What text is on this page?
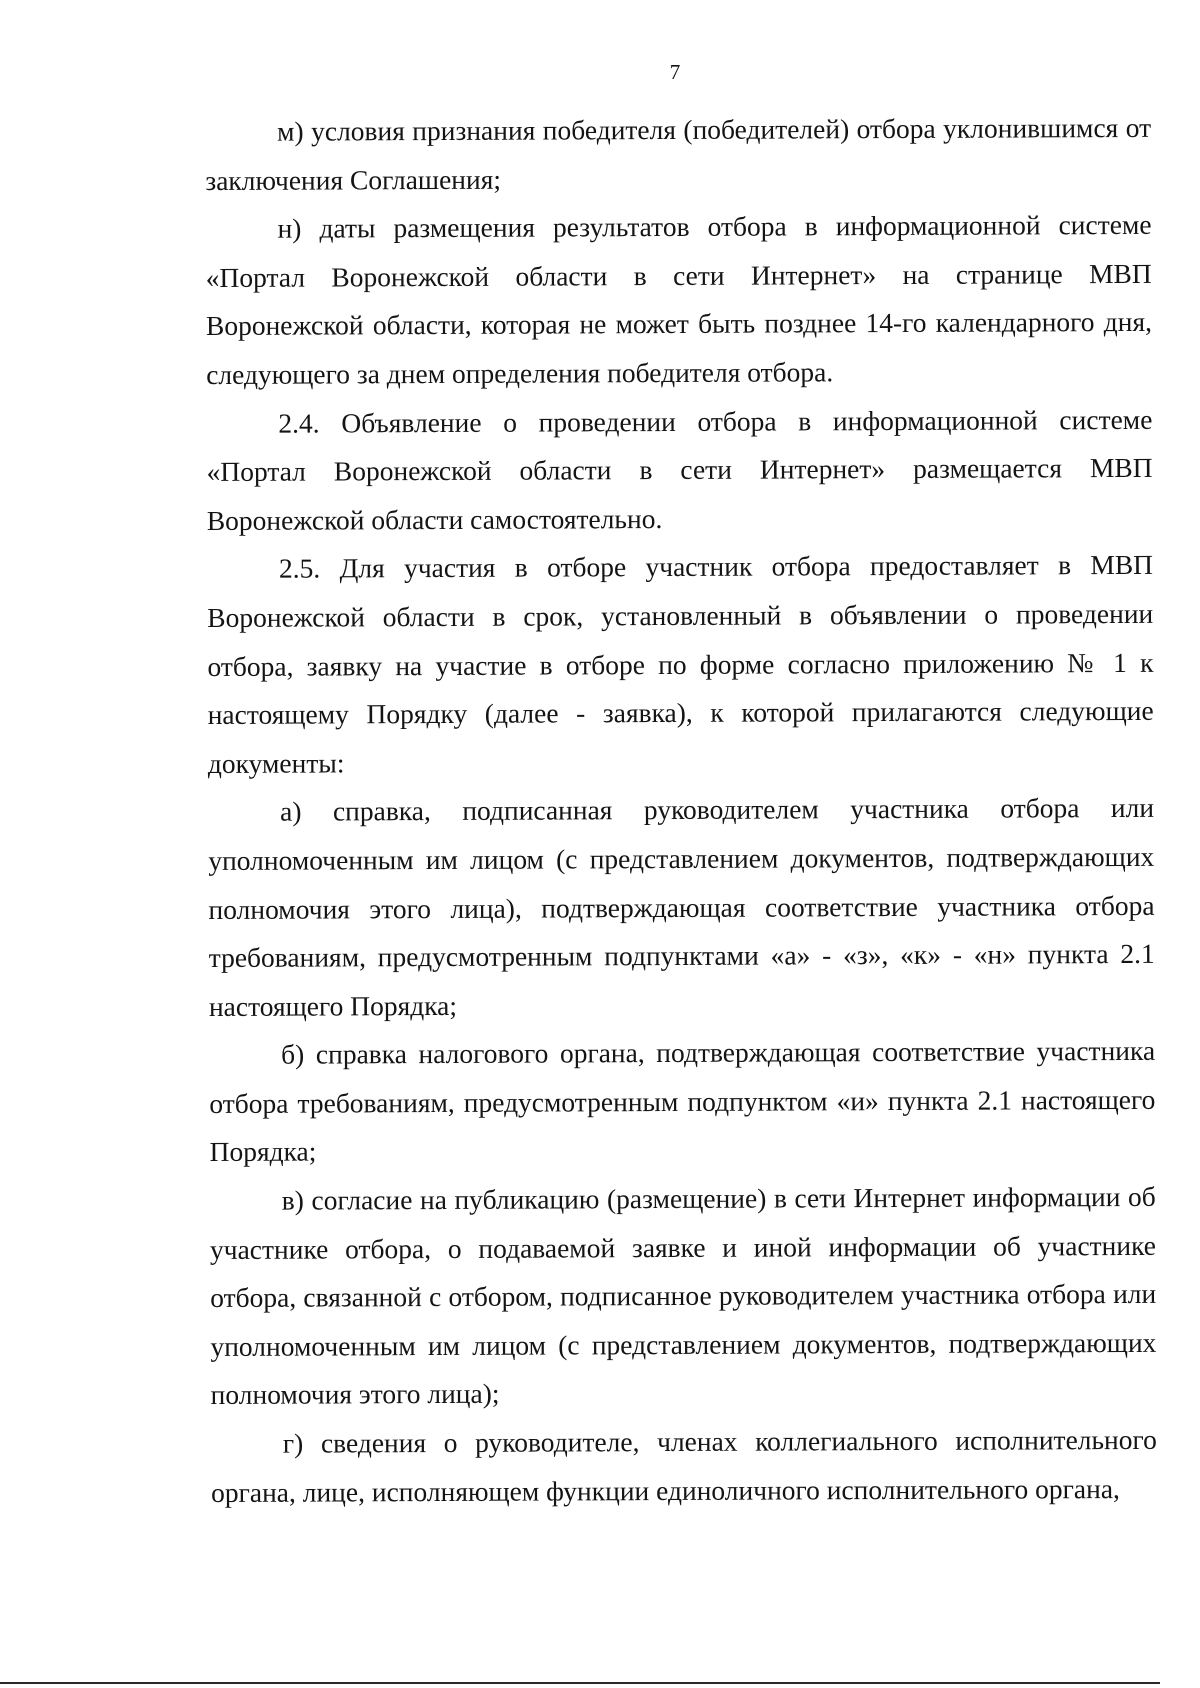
7

м) условия признания победителя (победителей) отбора уклонившимся от заключения Соглашения;

н) даты размещения результатов отбора в информационной системе «Портал Воронежской области в сети Интернет» на странице МВП Воронежской области, которая не может быть позднее 14-го календарного дня, следующего за днем определения победителя отбора.

2.4. Объявление о проведении отбора в информационной системе «Портал Воронежской области в сети Интернет» размещается МВП Воронежской области самостоятельно.

2.5. Для участия в отборе участник отбора предоставляет в МВП Воронежской области в срок, установленный в объявлении о проведении отбора, заявку на участие в отборе по форме согласно приложению № 1 к настоящему Порядку (далее - заявка), к которой прилагаются следующие документы:

а) справка, подписанная руководителем участника отбора или уполномоченным им лицом (с представлением документов, подтверждающих полномочия этого лица), подтверждающая соответствие участника отбора требованиям, предусмотренным подпунктами «а» - «з», «к» - «н» пункта 2.1 настоящего Порядка;

б) справка налогового органа, подтверждающая соответствие участника отбора требованиям, предусмотренным подпунктом «и» пункта 2.1 настоящего Порядка;

в) согласие на публикацию (размещение) в сети Интернет информации об участнике отбора, о подаваемой заявке и иной информации об участнике отбора, связанной с отбором, подписанное руководителем участника отбора или уполномоченным им лицом (с представлением документов, подтверждающих полномочия этого лица);

г) сведения о руководителе, членах коллегиального исполнительного органа, лице, исполняющем функции единоличного исполнительного органа,
